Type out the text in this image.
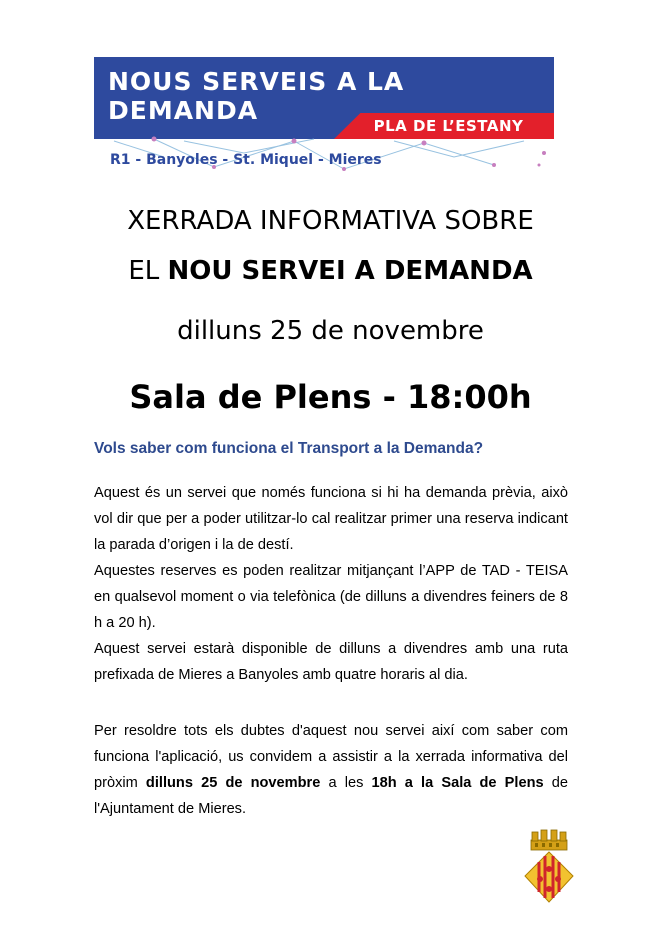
NOUS SERVEIS A LA
DEMANDA
PLA DE L’ESTANY
R1 - Banyoles - St. Miquel - Mieres
XERRADA INFORMATIVA SOBRE
EL NOU SERVEI A DEMANDA
dilluns 25 de novembre
Sala de Plens - 18:00h
Vols saber com funciona el Transport a la Demanda?
Aquest és un servei que només funciona si hi ha demanda prèvia, això vol dir que per a poder utilitzar-lo cal realitzar primer una reserva indicant la parada d’origen i la de destí.
Aquestes reserves es poden realitzar mitjançant l’APP de TAD - TEISA en qualsevol moment o via telefònica (de dilluns a divendres feiners de 8 h a 20 h).
Aquest servei estarà disponible de dilluns a divendres amb una ruta prefixada de Mieres a Banyoles amb quatre horaris al dia.
Per resoldre tots els dubtes d'aquest nou servei així com saber com funciona l'aplicació, us convidem a assistir a la xerrada informativa del pròxim dilluns 25 de novembre a les 18h a la Sala de Plens de l'Ajuntament de Mieres.
